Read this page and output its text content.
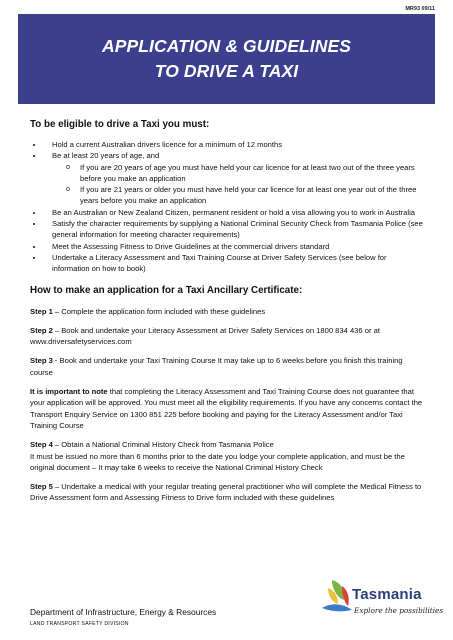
MR93 09/11
APPLICATION & GUIDELINES
TO DRIVE A TAXI
To be eligible to drive a Taxi you must:
• Hold a current Australian drivers licence for a minimum of 12 months
• Be at least 20 years of age, and
o If you are 20 years of age you must have held your car licence for at least two out of the three years before you make an application
o If you are 21 years or older you must have held your car licence for at least one year out of the three years before you make an application
• Be an Australian or New Zealand Citizen, permanent resident or hold a visa allowing you to work in Australia
• Satisfy the character requirements by supplying a National Criminal Security Check from Tasmania Police (see general information for meeting character requirements)
• Meet the Assessing Fitness to Drive Guidelines at the commercial drivers standard
• Undertake a Literacy Assessment and Taxi Training Course at Driver Safety Services (see below for information on how to book)
How to make an application for a Taxi Ancillary Certificate:

Step 1 – Complete the application form included with these guidelines

Step 2 – Book and undertake your Literacy Assessment at Driver Safety Services on 1800 834 436 or at www.driversafetyservices.com

Step 3 - Book and undertake your Taxi Training Course It may take up to 6 weeks before you finish this training course

It is important to note that completing the Literacy Assessment and Taxi Training Course does not guarantee that your application will be approved. You must meet all the eligibility requirements. If you have any concerns contact the Transport Enquiry Service on 1300 851 225 before booking and paying for the Literacy Assessment and/or Taxi Training Course

Step 4 – Obtain a National Criminal History Check from Tasmania Police
It must be issued no more than 6 months prior to the date you lodge your complete application, and must be the original document – It may take 6 weeks to receive the National Criminal History Check

Step 5 – Undertake a medical with your regular treating general practitioner who will complete the Medical Fitness to Drive Assessment form and Assessing Fitness to Drive form included with these guidelines

Department of Infrastructure, Energy & Resources
LAND TRANSPORT SAFETY DIVISION
Tasmania
Explore the possibilities
